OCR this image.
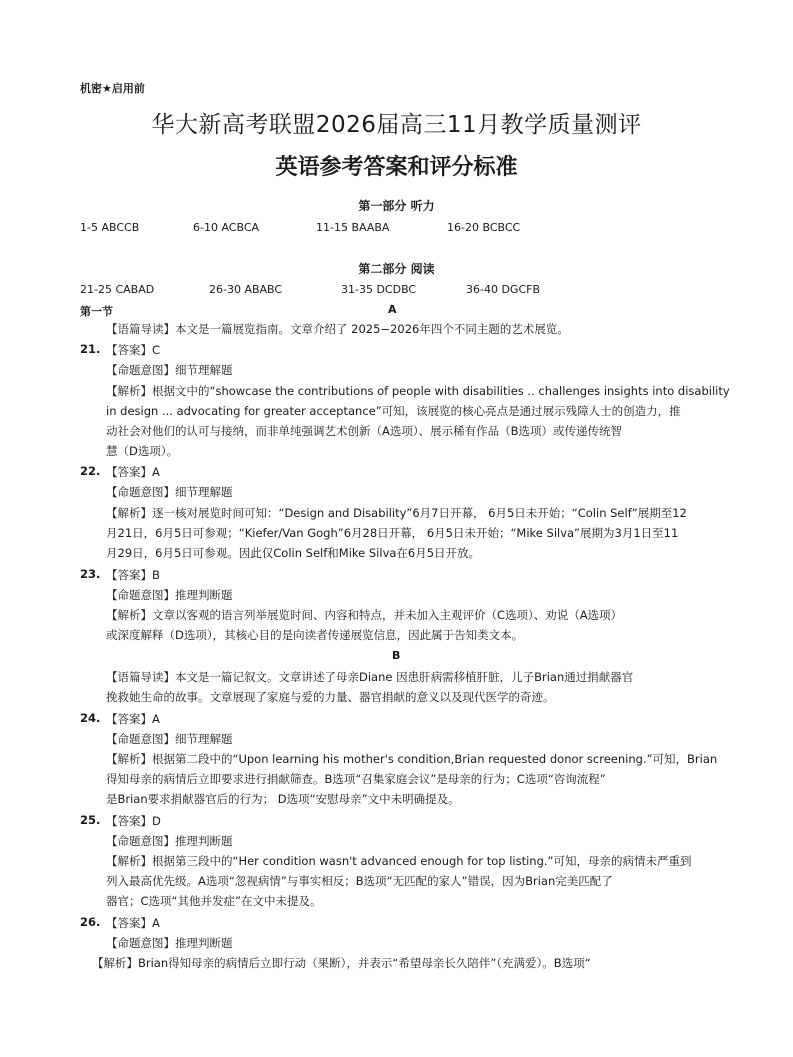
机密★启用前
华大新高考联盟2026届高三11月教学质量测评
英语参考答案和评分标准
第一部分 听力
1-5 ABCCB	6-10 ACBCA	11-15 BAABA	16-20 BCBCC
第二部分 阅读
21-25 CABAD	26-30 ABABC	31-35 DCDBC	36-40 DGCFB
第一节	A
【语篇导读】本文是一篇展览指南。文章介绍了 2025−2026年四个不同主题的艺术展览。
21. 【答案】C
【命题意图】细节理解题
【解析】根据文中的“showcase the contributions of people with disabilities .. challenges insights into disability
in design ... advocating for greater acceptance”可知，该展览的核心亮点是通过展示残障人士的创造力，推
动社会对他们的认可与接纳，而非单纯强调艺术创新（A选项）、展示稀有作品（B选项）或传递传统智
慧（D选项）。
22. 【答案】A
【命题意图】细节理解题
【解析】逐一核对展览时间可知：“Design and Disability”6月7日开幕， 6月5日未开始；“Colin Self”展期至12
月21日，6月5日可参观；“Kiefer/Van Gogh”6月28日开幕， 6月5日未开始；“Mike Silva”展期为3月1日至11
月29日，6月5日可参观。因此仅Colin Self和Mike Silva在6月5日开放。
23. 【答案】B
【命题意图】推理判断题
【解析】文章以客观的语言列举展览时间、内容和特点，并未加入主观评价（C选项）、劝说（A选项）
或深度解释（D选项），其核心目的是向读者传递展览信息，因此属于告知类文本。
B
【语篇导读】本文是一篇记叙文。文章讲述了母亲Diane 因患肝病需移植肝脏，儿子Brian通过捐献器官
挽救她生命的故事。文章展现了家庭与爱的力量、器官捐献的意义以及现代医学的奇迹。
24. 【答案】A
【命题意图】细节理解题
【解析】根据第二段中的“Upon learning his mother's condition,Brian requested donor screening.”可知，Brian
得知母亲的病情后立即要求进行捐献筛查。B选项“召集家庭会议”是母亲的行为；C选项“咨询流程”
是Brian要求捐献器官后的行为； D选项“安慰母亲”文中未明确提及。
25. 【答案】D
【命题意图】推理判断题
【解析】根据第三段中的“Her condition wasn't advanced enough for top listing.”可知，母亲的病情未严重到
列入最高优先级。A选项“忽视病情”与事实相反；B选项“无匹配的家人”错误，因为Brian完美匹配了
器官；C选项“其他并发症”在文中未提及。
26. 【答案】A
【命题意图】推理判断题
【解析】Brian得知母亲的病情后立即行动（果断），并表示“希望母亲长久陪伴”（充满爱）。B选项“
